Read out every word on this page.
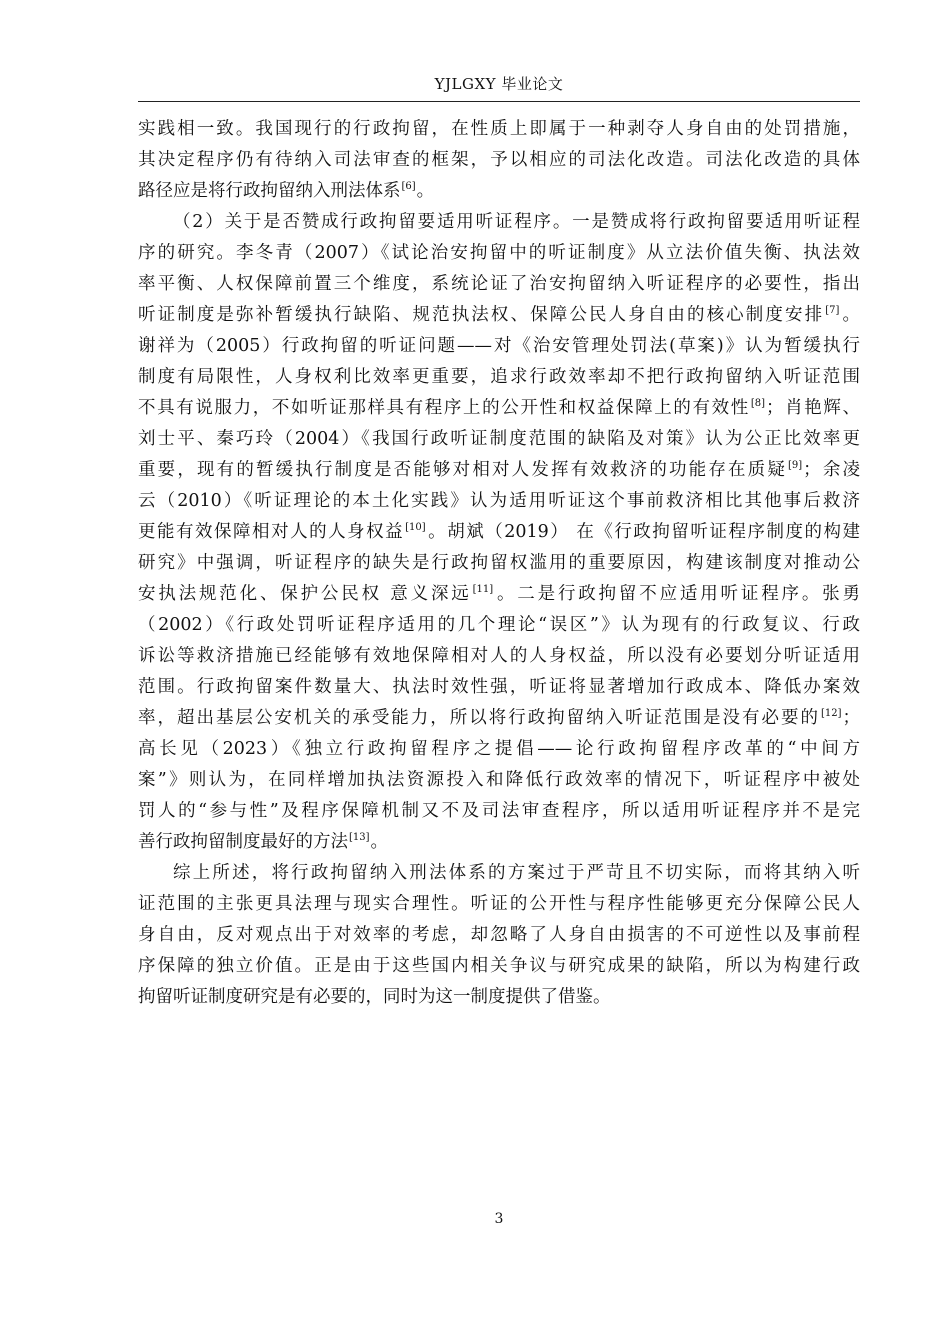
YJLGXY 毕业论文
实践相一致。我国现行的行政拘留，在性质上即属于一种剥夺人身自由的处罚措施，
其决定程序仍有待纳入司法审查的框架，予以相应的司法化改造。司法化改造的具体
路径应是将行政拘留纳入刑法体系[6]。
（2）关于是否赞成行政拘留要适用听证程序。一是赞成将行政拘留要适用听证程
序的研究。李冬青（2007）《试论治安拘留中的听证制度》从立法价值失衡、执法效
率平衡、人权保障前置三个维度，系统论证了治安拘留纳入听证程序的必要性，指出
听证制度是弥补暂缓执行缺陷、规范执法权、保障公民人身自由的核心制度安排[7]。
谢祥为（2005）行政拘留的听证问题——对《治安管理处罚法(草案)》认为暂缓执行
制度有局限性，人身权利比效率更重要，追求行政效率却不把行政拘留纳入听证范围
不具有说服力，不如听证那样具有程序上的公开性和权益保障上的有效性[8]；肖艳辉、
刘士平、秦巧玲（2004）《我国行政听证制度范围的缺陷及对策》认为公正比效率更
重要，现有的暂缓执行制度是否能够对相对人发挥有效救济的功能存在质疑[9]；余凌
云（2010）《听证理论的本土化实践》认为适用听证这个事前救济相比其他事后救济
更能有效保障相对人的人身权益[10]。胡斌（2019） 在《行政拘留听证程序制度的构建
研究》中强调，听证程序的缺失是行政拘留权滥用的重要原因，构建该制度对推动公
安执法规范化、保护公民权 意义深远[11]。二是行政拘留不应适用听证程序。张勇
（2002）《行政处罚听证程序适用的几个理论“误区”》认为现有的行政复议、行政
诉讼等救济措施已经能够有效地保障相对人的人身权益，所以没有必要划分听证适用
范围。行政拘留案件数量大、执法时效性强，听证将显著增加行政成本、降低办案效
率，超出基层公安机关的承受能力，所以将行政拘留纳入听证范围是没有必要的[12]；
高长见（2023）《独立行政拘留程序之提倡——论行政拘留程序改革的“中间方
案”》则认为，在同样增加执法资源投入和降低行政效率的情况下，听证程序中被处
罚人的“参与性”及程序保障机制又不及司法审查程序，所以适用听证程序并不是完
善行政拘留制度最好的方法[13]。
综上所述，将行政拘留纳入刑法体系的方案过于严苛且不切实际，而将其纳入听
证范围的主张更具法理与现实合理性。听证的公开性与程序性能够更充分保障公民人
身自由，反对观点出于对效率的考虑，却忽略了人身自由损害的不可逆性以及事前程
序保障的独立价值。正是由于这些国内相关争议与研究成果的缺陷，所以为构建行政
拘留听证制度研究是有必要的，同时为这一制度提供了借鉴。
3
